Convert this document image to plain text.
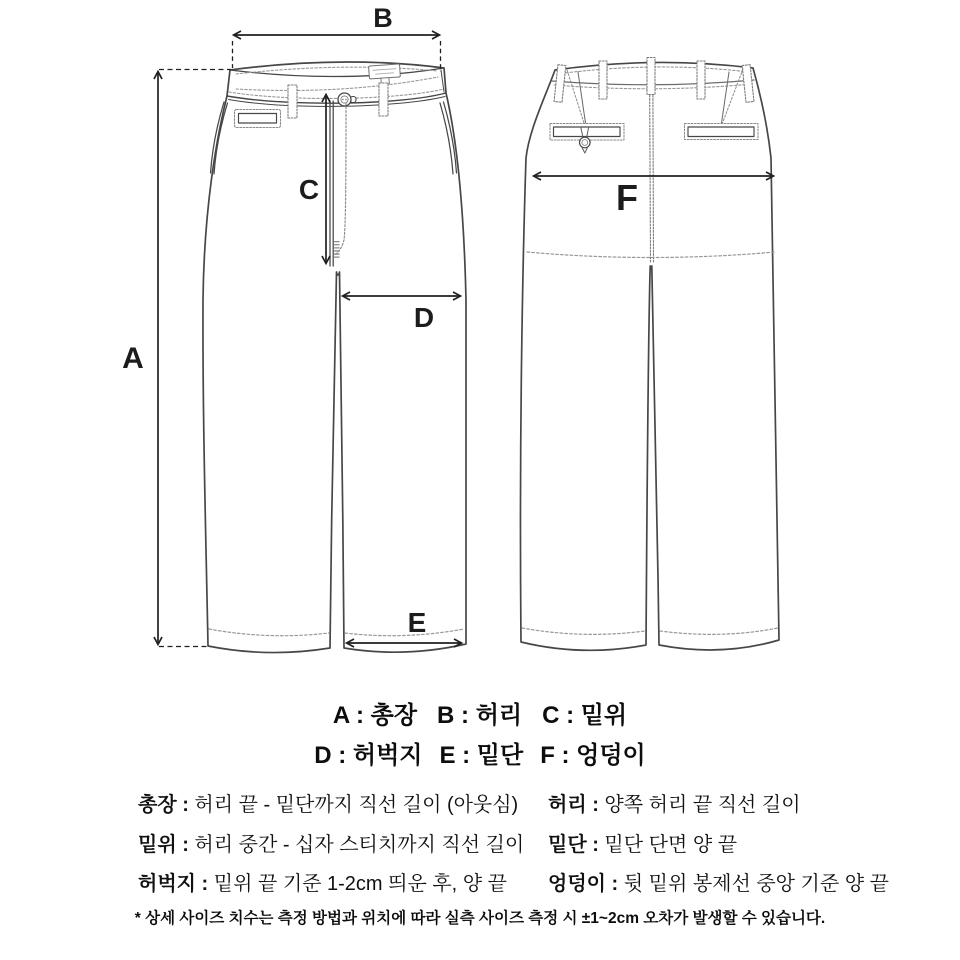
A
B
C
D
E
F
A : 총장 B : 허리 C : 밑위
D : 허벅지 E : 밑단 F : 엉덩이
총장 : 허리 끝 - 밑단까지 직선 길이 (아웃심)
밑위 : 허리 중간 - 십자 스티치까지 직선 길이
허벅지 : 밑위 끝 기준 1-2cm 띄운 후, 양 끝
허리 : 양쪽 허리 끝 직선 길이
밑단 : 밑단 단면 양 끝
엉덩이 : 뒷 밑위 봉제선 중앙 기준 양 끝
* 상세 사이즈 치수는 측정 방법과 위치에 따라 실측 사이즈 측정 시 ±1~2cm 오차가 발생할 수 있습니다.
